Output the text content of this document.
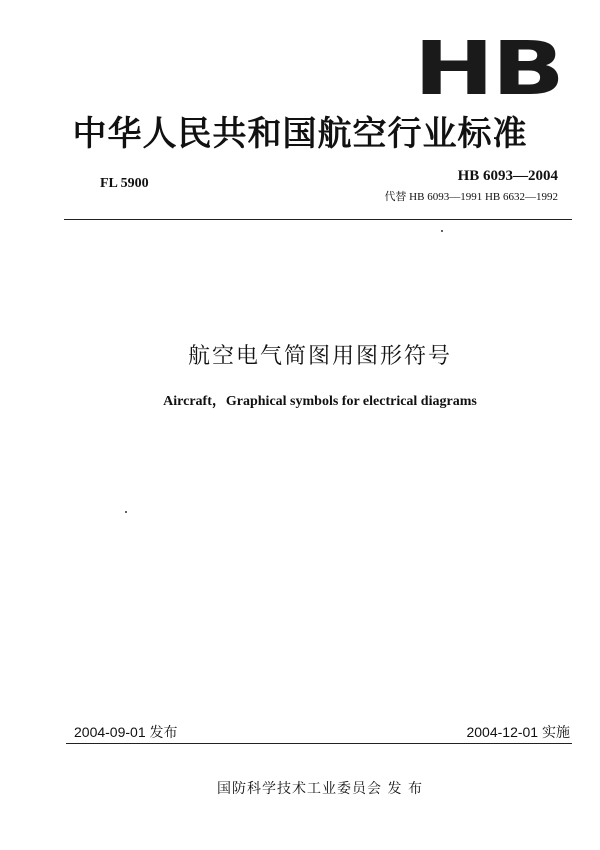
HB
中华人民共和国航空行业标准
FL 5900	HB 6093—2004
代替 HB 6093—1991 HB 6632—1992
航空电气简图用图形符号
Aircraft，Graphical symbols for electrical diagrams
2004-09-01 发布	2004-12-01 实施
国防科学技术工业委员会 发 布
